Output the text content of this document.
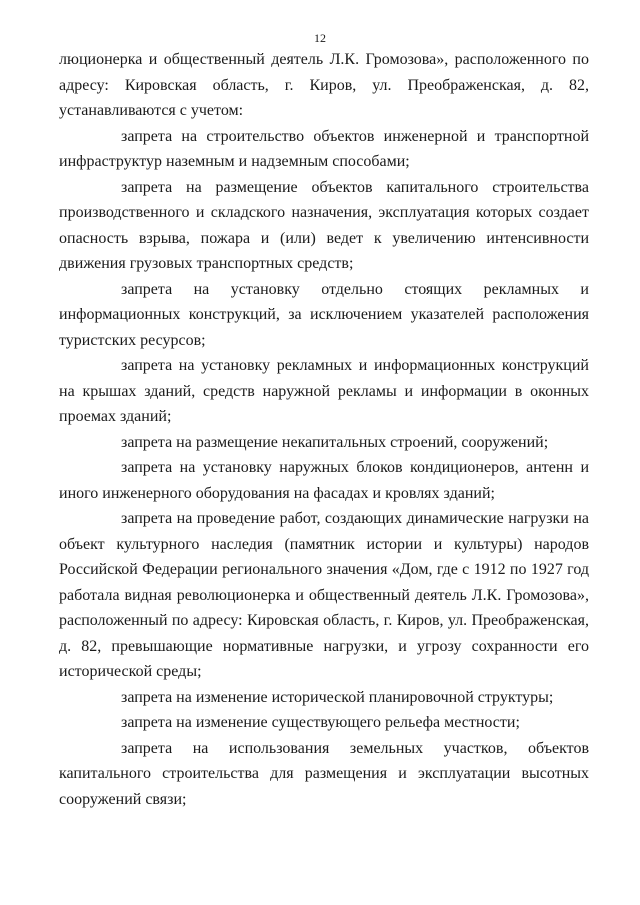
12

люционерка и общественный деятель Л.К. Громозова», расположенного по адресу: Кировская область, г. Киров, ул. Преображенская, д. 82, устанавливаются с учетом:

запрета на строительство объектов инженерной и транспортной инфраструктур наземным и надземным способами;

запрета на размещение объектов капитального строительства производственного и складского назначения, эксплуатация которых создает опасность взрыва, пожара и (или) ведет к увеличению интенсивности движения грузовых транспортных средств;

запрета на установку отдельно стоящих рекламных и информационных конструкций, за исключением указателей расположения туристских ресурсов;

запрета на установку рекламных и информационных конструкций на крышах зданий, средств наружной рекламы и информации в оконных проемах зданий;

запрета на размещение некапитальных строений, сооружений;

запрета на установку наружных блоков кондиционеров, антенн и иного инженерного оборудования на фасадах и кровлях зданий;

запрета на проведение работ, создающих динамические нагрузки на объект культурного наследия (памятник истории и культуры) народов Российской Федерации регионального значения «Дом, где с 1912 по 1927 год работала видная революционерка и общественный деятель Л.К. Громозова», расположенный по адресу: Кировская область, г. Киров, ул. Преображенская, д. 82, превышающие нормативные нагрузки, и угрозу сохранности его исторической среды;

запрета на изменение исторической планировочной структуры;

запрета на изменение существующего рельефа местности;

запрета на использования земельных участков, объектов капитального строительства для размещения и эксплуатации высотных сооружений связи;
